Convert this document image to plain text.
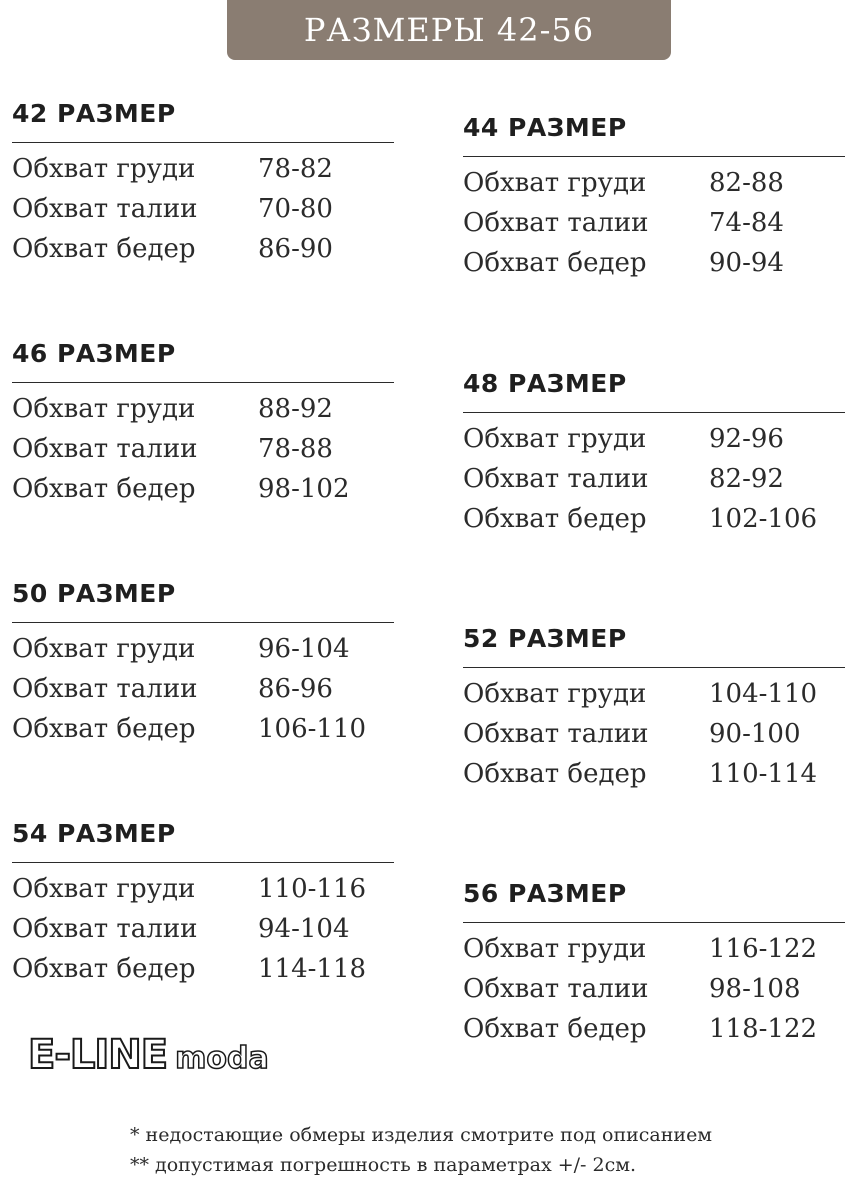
РАЗМЕРЫ 42-56
42 РАЗМЕР
Обхват груди	78-82
Обхват талии	70-80
Обхват бедер	86-90
46 РАЗМЕР
Обхват груди	88-92
Обхват талии	78-88
Обхват бедер	98-102
50 РАЗМЕР
Обхват груди	96-104
Обхват талии	86-96
Обхват бедер	106-110
54 РАЗМЕР
Обхват груди	110-116
Обхват талии	94-104
Обхват бедер	114-118
44 РАЗМЕР
Обхват груди	82-88
Обхват талии	74-84
Обхват бедер	90-94
48 РАЗМЕР
Обхват груди	92-96
Обхват талии	82-92
Обхват бедер	102-106
52 РАЗМЕР
Обхват груди	104-110
Обхват талии	90-100
Обхват бедер	110-114
56 РАЗМЕР
Обхват груди	116-122
Обхват талии	98-108
Обхват бедер	118-122
E-LINE moda
* недостающие обмеры изделия смотрите под описанием
** допустимая погрешность в параметрах +/- 2см.
